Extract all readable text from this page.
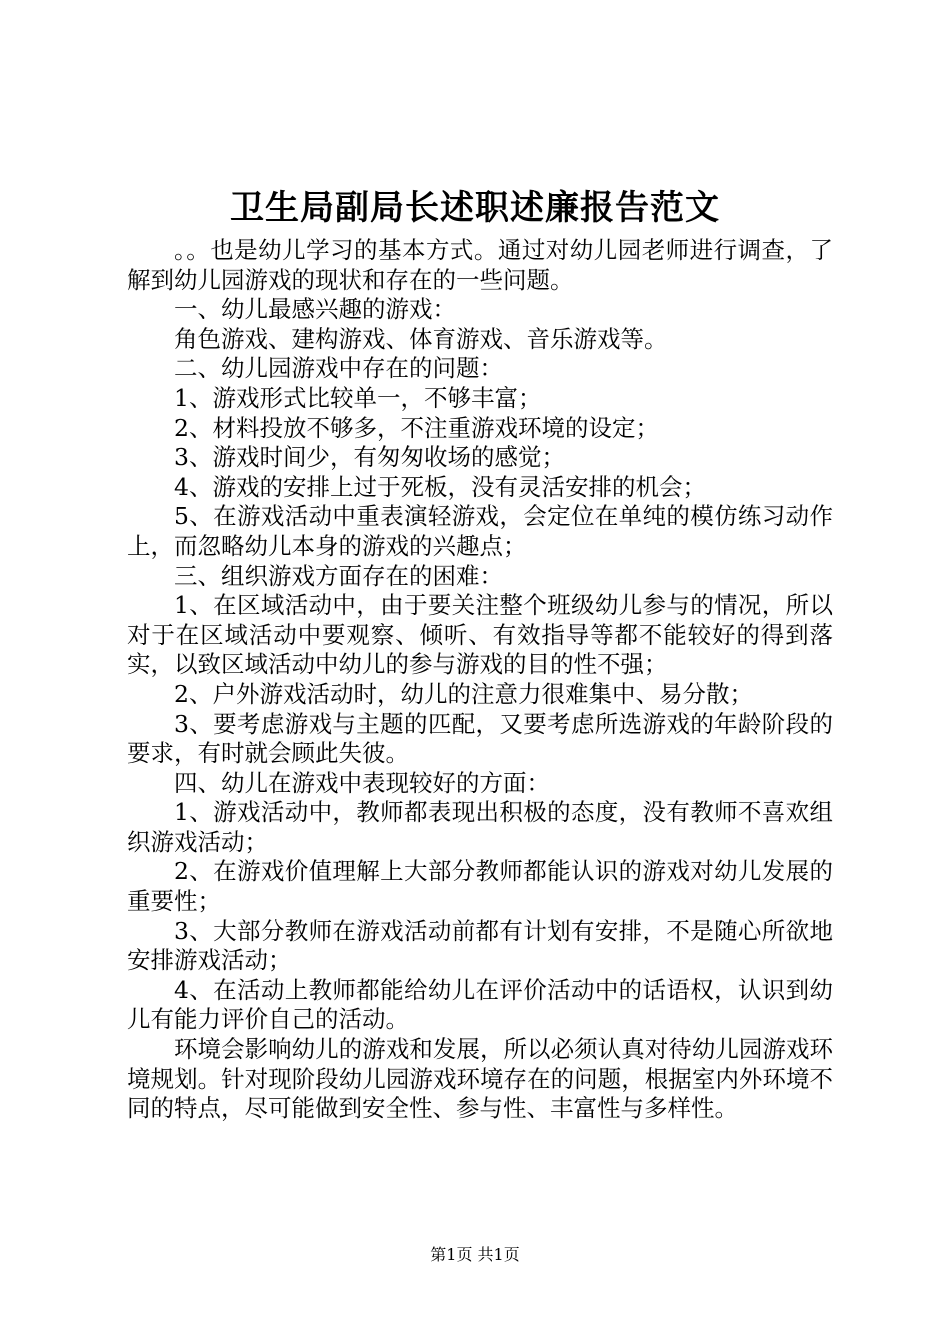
卫生局副局长述职述廉报告范文

。。也是幼儿学习的基本方式。通过对幼儿园老师进行调查，了解到幼儿园游戏的现状和存在的一些问题。

一、幼儿最感兴趣的游戏：

角色游戏、建构游戏、体育游戏、音乐游戏等。

二、幼儿园游戏中存在的问题：

1、游戏形式比较单一，不够丰富；

2、材料投放不够多，不注重游戏环境的设定；

3、游戏时间少，有匆匆收场的感觉；

4、游戏的安排上过于死板，没有灵活安排的机会；

5、在游戏活动中重表演轻游戏，会定位在单纯的模仿练习动作上，而忽略幼儿本身的游戏的兴趣点；

三、组织游戏方面存在的困难：

1、在区域活动中，由于要关注整个班级幼儿参与的情况，所以对于在区域活动中要观察、倾听、有效指导等都不能较好的得到落实，以致区域活动中幼儿的参与游戏的目的性不强；

2、户外游戏活动时，幼儿的注意力很难集中、易分散；

3、要考虑游戏与主题的匹配，又要考虑所选游戏的年龄阶段的要求，有时就会顾此失彼。

四、幼儿在游戏中表现较好的方面：

1、游戏活动中，教师都表现出积极的态度，没有教师不喜欢组织游戏活动；

2、在游戏价值理解上大部分教师都能认识的游戏对幼儿发展的重要性；

3、大部分教师在游戏活动前都有计划有安排，不是随心所欲地安排游戏活动；

4、在活动上教师都能给幼儿在评价活动中的话语权，认识到幼儿有能力评价自己的活动。

环境会影响幼儿的游戏和发展，所以必须认真对待幼儿园游戏环境规划。针对现阶段幼儿园游戏环境存在的问题，根据室内外环境不同的特点，尽可能做到安全性、参与性、丰富性与多样性。

第1页 共1页
